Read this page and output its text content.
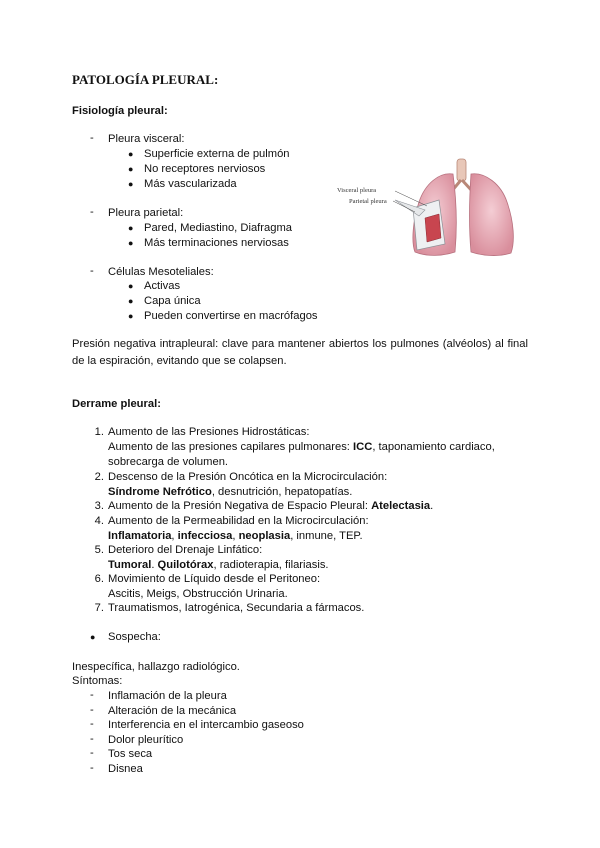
PATOLOGÍA PLEURAL:
Fisiología pleural:
-	Pleura visceral:
● Superficie externa de pulmón
● No receptores nerviosos
● Más vascularizada
-	Pleura parietal:
● Pared, Mediastino, Diafragma
● Más terminaciones nerviosas
-	Células Mesoteliales:
● Activas
● Capa única
● Pueden convertirse en macrófagos
Visceral pleura
Parietal pleura
Presión negativa intrapleural: clave para mantener abiertos los pulmones (alvéolos) al final de la espiración, evitando que se colapsen.
Derrame pleural:
1. Aumento de las Presiones Hidrostáticas:
Aumento de las presiones capilares pulmonares: ICC, taponamiento cardiaco,
sobrecarga de volumen.
2. Descenso de la Presión Oncótica en la Microcirculación:
Síndrome Nefrótico, desnutrición, hepatopatías.
3. Aumento de la Presión Negativa de Espacio Pleural: Atelectasia.
4. Aumento de la Permeabilidad en la Microcirculación:
Inflamatoria, infecciosa, neoplasia, inmune, TEP.
5. Deterioro del Drenaje Linfático:
Tumoral. Quilotórax, radioterapia, filariasis.
6. Movimiento de Líquido desde el Peritoneo:
Ascitis, Meigs, Obstrucción Urinaria.
7. Traumatismos, Iatrogénica, Secundaria a fármacos.
● Sospecha:
Inespecífica, hallazgo radiológico.
Síntomas:
-	Inflamación de la pleura
-	Alteración de la mecánica
-	Interferencia en el intercambio gaseoso
-	Dolor pleurítico
-	Tos seca
-	Disnea
